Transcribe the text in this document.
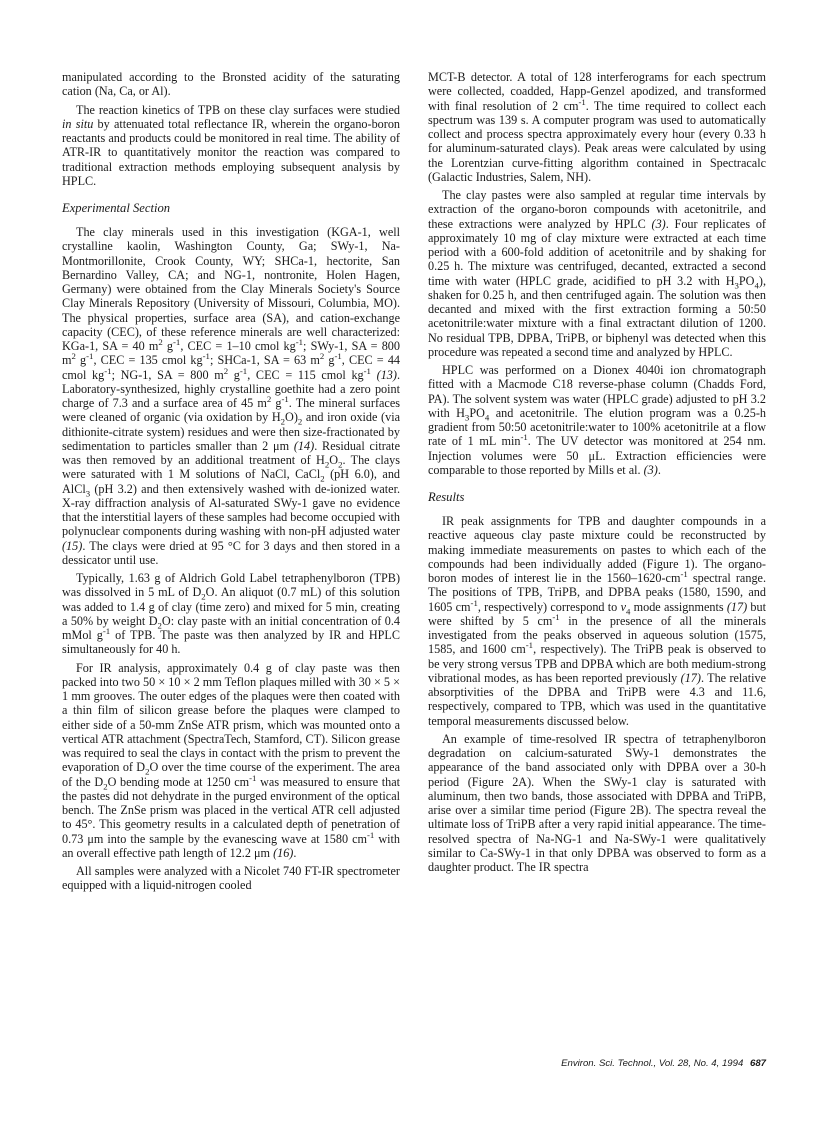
manipulated according to the Bronsted acidity of the saturating cation (Na, Ca, or Al).

The reaction kinetics of TPB on these clay surfaces were studied in situ by attenuated total reflectance IR, wherein the organo-boron reactants and products could be monitored in real time. The ability of ATR-IR to quantitatively monitor the reaction was compared to traditional extraction methods employing subsequent analysis by HPLC.

Experimental Section

The clay minerals used in this investigation (KGA-1, well crystalline kaolin, Washington County, Ga; SWy-1, Na-Montmorillonite, Crook County, WY; SHCa-1, hectorite, San Bernardino Valley, CA; and NG-1, nontronite, Holen Hagen, Germany) were obtained from the Clay Minerals Society's Source Clay Minerals Repository (University of Missouri, Columbia, MO). The physical properties, surface area (SA), and cation-exchange capacity (CEC), of these reference minerals are well characterized: KGa-1, SA = 40 $m^2$ $g^{-1}$, CEC = 1–10 cmol $kg^{-1}$; SWy-1, SA = 800 $m^2$ $g^{-1}$, CEC = 135 cmol $kg^{-1}$; SHCa-1, SA = 63 $m^2$ $g^{-1}$, CEC = 44 cmol $kg^{-1}$; NG-1, SA = 800 $m^2$ $g^{-1}$, CEC = 115 cmol $kg^{-1}$ (13). Laboratory-synthesized, highly crystalline goethite had a zero point charge of 7.3 and a surface area of 45 $m^2$ $g^{-1}$. The mineral surfaces were cleaned of organic (via oxidation by $H_2O)_2$ and iron oxide (via dithionite-citrate system) residues and were then size-fractionated by sedimentation to particles smaller than 2 μm (14). Residual citrate was then removed by an additional treatment of $H_2O_2$. The clays were saturated with 1 M solutions of NaCl, CaCl$_2$ (pH 6.0), and AlCl$_3$ (pH 3.2) and then extensively washed with de-ionized water. X-ray diffraction analysis of Al-saturated SWy-1 gave no evidence that the interstitial layers of these samples had become occupied with polynuclear components during washing with non-pH adjusted water (15). The clays were dried at 95 °C for 3 days and then stored in a dessicator until use.

Typically, 1.63 g of Aldrich Gold Label tetraphenylboron (TPB) was dissolved in 5 mL of $D_2O$. An aliquot (0.7 mL) of this solution was added to 1.4 g of clay (time zero) and mixed for 5 min, creating a 50% by weight $D_2O$: clay paste with an initial concentration of 0.4 mMol $g^{-1}$ of TPB. The paste was then analyzed by IR and HPLC simultaneously for 40 h.

For IR analysis, approximately 0.4 g of clay paste was then packed into two 50 × 10 × 2 mm Teflon plaques milled with 30 × 5 × 1 mm grooves. The outer edges of the plaques were then coated with a thin film of silicon grease before the plaques were clamped to either side of a 50-mm ZnSe ATR prism, which was mounted onto a vertical ATR attachment (SpectraTech, Stamford, CT). Silicon grease was required to seal the clays in contact with the prism to prevent the evaporation of $D_2O$ over the time course of the experiment. The area of the $D_2O$ bending mode at 1250 $cm^{-1}$ was measured to ensure that the pastes did not dehydrate in the purged environment of the optical bench. The ZnSe prism was placed in the vertical ATR cell adjusted to 45°. This geometry results in a calculated depth of penetration of 0.73 μm into the sample by the evanescing wave at 1580 $cm^{-1}$ with an overall effective path length of 12.2 μm (16).

All samples were analyzed with a Nicolet 740 FT-IR spectrometer equipped with a liquid-nitrogen cooled

MCT-B detector. A total of 128 interferograms for each spectrum were collected, coadded, Happ-Genzel apodized, and transformed with final resolution of 2 $cm^{-1}$. The time required to collect each spectrum was 139 s. A computer program was used to automatically collect and process spectra approximately every hour (every 0.33 h for aluminum-saturated clays). Peak areas were calculated by using the Lorentzian curve-fitting algorithm contained in Spectracalc (Galactic Industries, Salem, NH).

The clay pastes were also sampled at regular time intervals by extraction of the organo-boron compounds with acetonitrile, and these extractions were analyzed by HPLC (3). Four replicates of approximately 10 mg of clay mixture were extracted at each time period with a 600-fold addition of acetonitrile and by shaking for 0.25 h. The mixture was centrifuged, decanted, extracted a second time with water (HPLC grade, acidified to pH 3.2 with $H_3PO_4$), shaken for 0.25 h, and then centrifuged again. The solution was then decanted and mixed with the first extraction forming a 50:50 acetonitrile:water mixture with a final extractant dilution of 1200. No residual TPB, DPBA, TriPB, or biphenyl was detected when this procedure was repeated a second time and analyzed by HPLC.

HPLC was performed on a Dionex 4040i ion chromatograph fitted with a Macmode C18 reverse-phase column (Chadds Ford, PA). The solvent system was water (HPLC grade) adjusted to pH 3.2 with $H_3PO_4$ and acetonitrile. The elution program was a 0.25-h gradient from 50:50 acetonitrile:water to 100% acetonitrile at a flow rate of 1 mL $\min^{-1}$. The UV detector was monitored at 254 nm. Injection volumes were 50 μL. Extraction efficiencies were comparable to those reported by Mills et al. (3).

Results

IR peak assignments for TPB and daughter compounds in a reactive aqueous clay paste mixture could be reconstructed by making immediate measurements on pastes to which each of the compounds had been individually added (Figure 1). The organo-boron modes of interest lie in the $1560-1620-cm^{-1}$ spectral range. The positions of TPB, TriPB, and DPBA peaks (1580, 1590, and 1605 $cm^{-1}$, respectively) correspond to $v_4$ mode assignments (17) but were shifted by 5 $cm^{-1}$ in the presence of all the minerals investigated from the peaks observed in aqueous solution (1575, 1585, and 1600 $cm^{-1}$, respectively). The TriPB peak is observed to be very strong versus TPB and DPBA which are both medium-strong vibrational modes, as has been reported previously (17). The relative absorptivities of the DPBA and TriPB were 4.3 and 11.6, respectively, compared to TPB, which was used in the quantitative temporal measurements discussed below.

An example of time-resolved IR spectra of tetraphenylboron degradation on calcium-saturated SWy-1 demonstrates the appearance of the band associated only with DPBA over a 30-h period (Figure 2A). When the SWy-1 clay is saturated with aluminum, then two bands, those associated with DPBA and TriPB, arise over a similar time period (Figure 2B). The spectra reveal the ultimate loss of TriPB after a very rapid initial appearance. The time-resolved spectra of Na-NG-1 and Na-SWy-1 were qualitatively similar to Ca-SWy-1 in that only DPBA was observed to form as a daughter product. The IR spectra

Environ. Sci. Technol., Vol. 28, No. 4, 1994 687
